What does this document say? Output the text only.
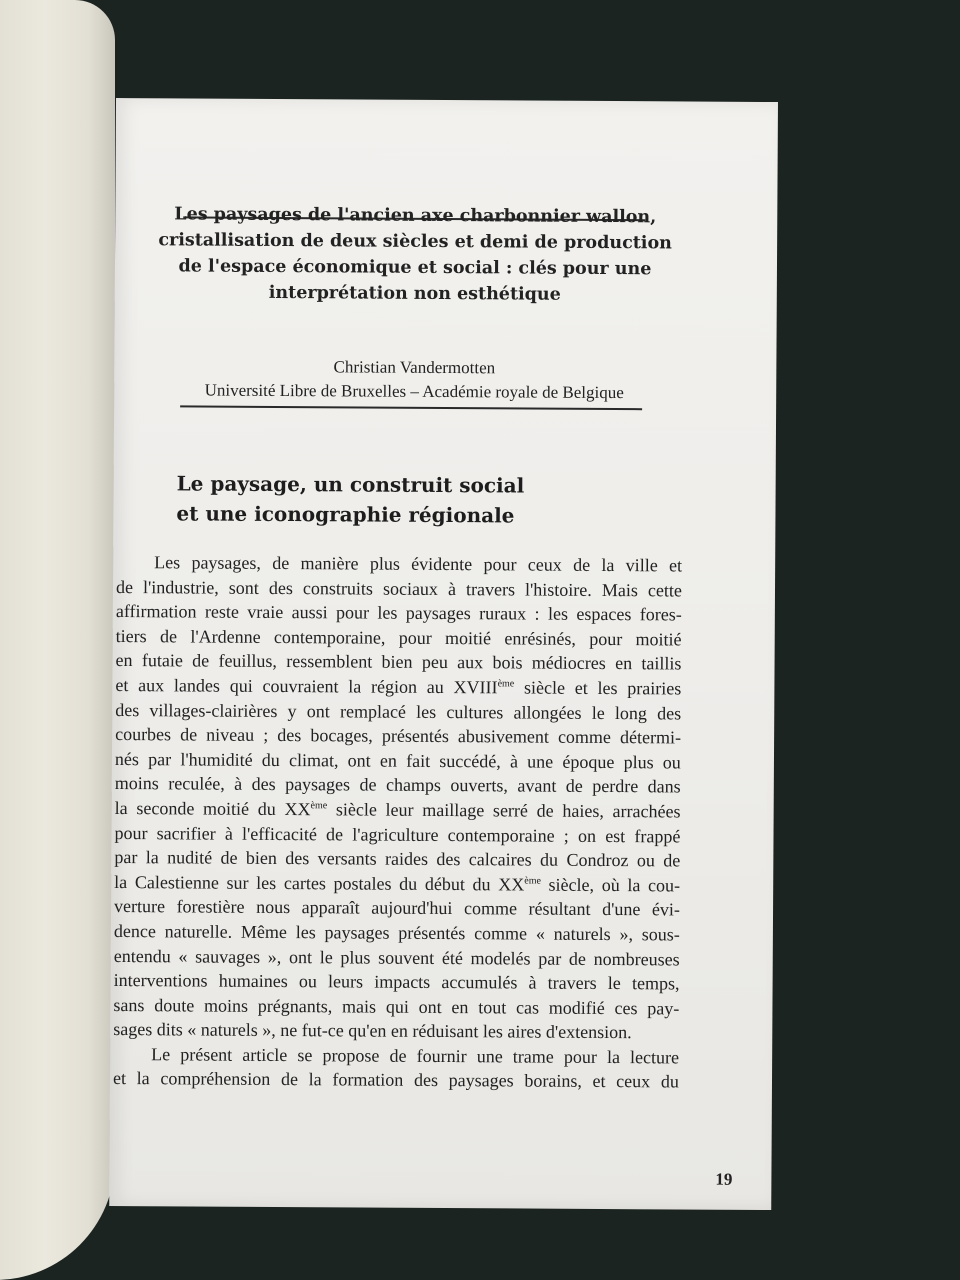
Les paysages de l'ancien axe charbonnier wallon,
cristallisation de deux siècles et demi de production
de l'espace économique et social : clés pour une
interprétation non esthétique
Christian Vandermotten
Université Libre de Bruxelles – Académie royale de Belgique
Le paysage, un construit social
et une iconographie régionale
Les paysages, de manière plus évidente pour ceux de la ville et
de l'industrie, sont des construits sociaux à travers l'histoire. Mais cette
affirmation reste vraie aussi pour les paysages ruraux : les espaces fores-
tiers de l'Ardenne contemporaine, pour moitié enrésinés, pour moitié
en futaie de feuillus, ressemblent bien peu aux bois médiocres en taillis
et aux landes qui couvraient la région au XVIIIème siècle et les prairies
des villages-clairières y ont remplacé les cultures allongées le long des
courbes de niveau ; des bocages, présentés abusivement comme détermi-
nés par l'humidité du climat, ont en fait succédé, à une époque plus ou
moins reculée, à des paysages de champs ouverts, avant de perdre dans
la seconde moitié du XXème siècle leur maillage serré de haies, arrachées
pour sacrifier à l'efficacité de l'agriculture contemporaine ; on est frappé
par la nudité de bien des versants raides des calcaires du Condroz ou de
la Calestienne sur les cartes postales du début du XXème siècle, où la cou-
verture forestière nous apparaît aujourd'hui comme résultant d'une évi-
dence naturelle. Même les paysages présentés comme « naturels », sous-
entendu « sauvages », ont le plus souvent été modelés par de nombreuses
interventions humaines ou leurs impacts accumulés à travers le temps,
sans doute moins prégnants, mais qui ont en tout cas modifié ces pay-
sages dits « naturels », ne fut-ce qu'en en réduisant les aires d'extension.
Le présent article se propose de fournir une trame pour la lecture
et la compréhension de la formation des paysages borains, et ceux du
19
